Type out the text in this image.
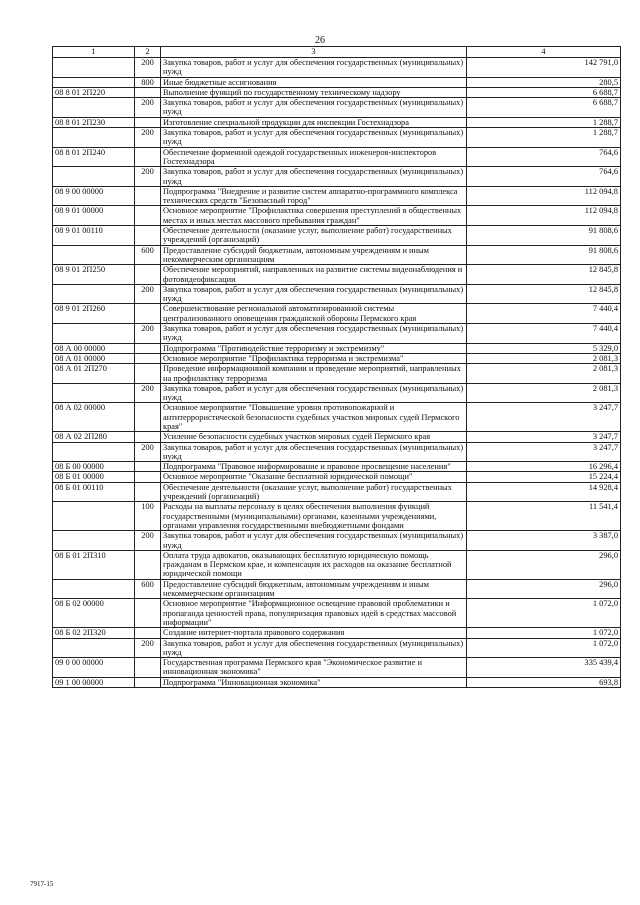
26
1	2	3	4
	200	Закупка товаров, работ и услуг для обеспечения государственных (муниципальных) нужд	142 791,0
	800	Иные бюджетные ассигнования	280,5
08 8 01 2П220		Выполнение функций по государственному техническому надзору	6 688,7
	200	Закупка товаров, работ и услуг для обеспечения государственных (муниципальных) нужд	6 688,7
08 8 01 2П230		Изготовление специальной продукции для инспекции Гостехнадзора	1 288,7
	200	Закупка товаров, работ и услуг для обеспечения государственных (муниципальных) нужд	1 288,7
08 8 01 2П240		Обеспечение форменной одеждой государственных инженеров-инспекторов Гостехнадзора	764,6
	200	Закупка товаров, работ и услуг для обеспечения государственных (муниципальных) нужд	764,6
08 9 00 00000		Подпрограмма "Внедрение и развитие систем аппаратно-программного комплекса технических средств "Безопасный город"	112 094,8
08 9 01 00000		Основное мероприятие "Профилактика совершения преступлений в общественных местах и иных местах массового пребывания граждан"	112 094,8
08 9 01 00110		Обеспечение деятельности (оказание услуг, выполнение работ) государственных учреждений (организаций)	91 808,6
	600	Предоставление субсидий бюджетным, автономным учреждениям и иным некоммерческим организациям	91 808,6
08 9 01 2П250		Обеспечение мероприятий, направленных на развитие системы видеонаблюдения и фотовидеофиксации	12 845,8
	200	Закупка товаров, работ и услуг для обеспечения государственных (муниципальных) нужд	12 845,8
08 9 01 2П260		Совершенствование региональной автоматизированной системы централизованного оповещения гражданской обороны Пермского края	7 440,4
	200	Закупка товаров, работ и услуг для обеспечения государственных (муниципальных) нужд	7 440,4
08 А 00 00000		Подпрограмма "Противодействие терроризму и экстремизму"	5 329,0
08 А 01 00000		Основное мероприятие "Профилактика терроризма и экстремизма"	2 081,3
08 А 01 2П270		Проведение информационной компании и проведение мероприятий, направленных на профилактику терроризма	2 081,3
	200	Закупка товаров, работ и услуг для обеспечения государственных (муниципальных) нужд	2 081,3
08 А 02 00000		Основное мероприятие "Повышение уровня противопожарной и антитеррористической безопасности судебных участков мировых судей Пермского края"	3 247,7
08 А 02 2П280		Усиление безопасности судебных участков мировых судей Пермского края	3 247,7
	200	Закупка товаров, работ и услуг для обеспечения государственных (муниципальных) нужд	3 247,7
08 Б 00 00000		Подпрограмма "Правовое информирование и правовое просвещение населения"	16 296,4
08 Б 01 00000		Основное мероприятие "Оказание бесплатной юридической помощи"	15 224,4
08 Б 01 00110		Обеспечение деятельности (оказание услуг, выполнение работ) государственных учреждений (организаций)	14 928,4
	100	Расходы на выплаты персоналу в целях обеспечения выполнения функций государственными (муниципальными) органами, казенными учреждениями, органами управления государственными внебюджетными фондами	11 541,4
	200	Закупка товаров, работ и услуг для обеспечения государственных (муниципальных) нужд	3 387,0
08 Б 01 2П310		Оплата труда адвокатов, оказывающих бесплатную юридическую помощь гражданам в Пермском крае, и компенсация их расходов на оказание бесплатной юридической помощи	296,0
	600	Предоставление субсидий бюджетным, автономным учреждениям и иным некоммерческим организациям	296,0
08 Б 02 00000		Основное мероприятие "Информационное освещение правовой проблематики и пропаганда ценностей права, популяризация правовых идей в средствах массовой информации"	1 072,0
08 Б 02 2П320		Создание интернет-портала правового содержания	1 072,0
	200	Закупка товаров, работ и услуг для обеспечения государственных (муниципальных) нужд	1 072,0
09 0 00 00000		Государственная программа Пермского края "Экономическое развитие и инновационная экономика"	335 439,4
09 1 00 00000		Подпрограмма "Инновационная экономика"	693,8
7917-15
